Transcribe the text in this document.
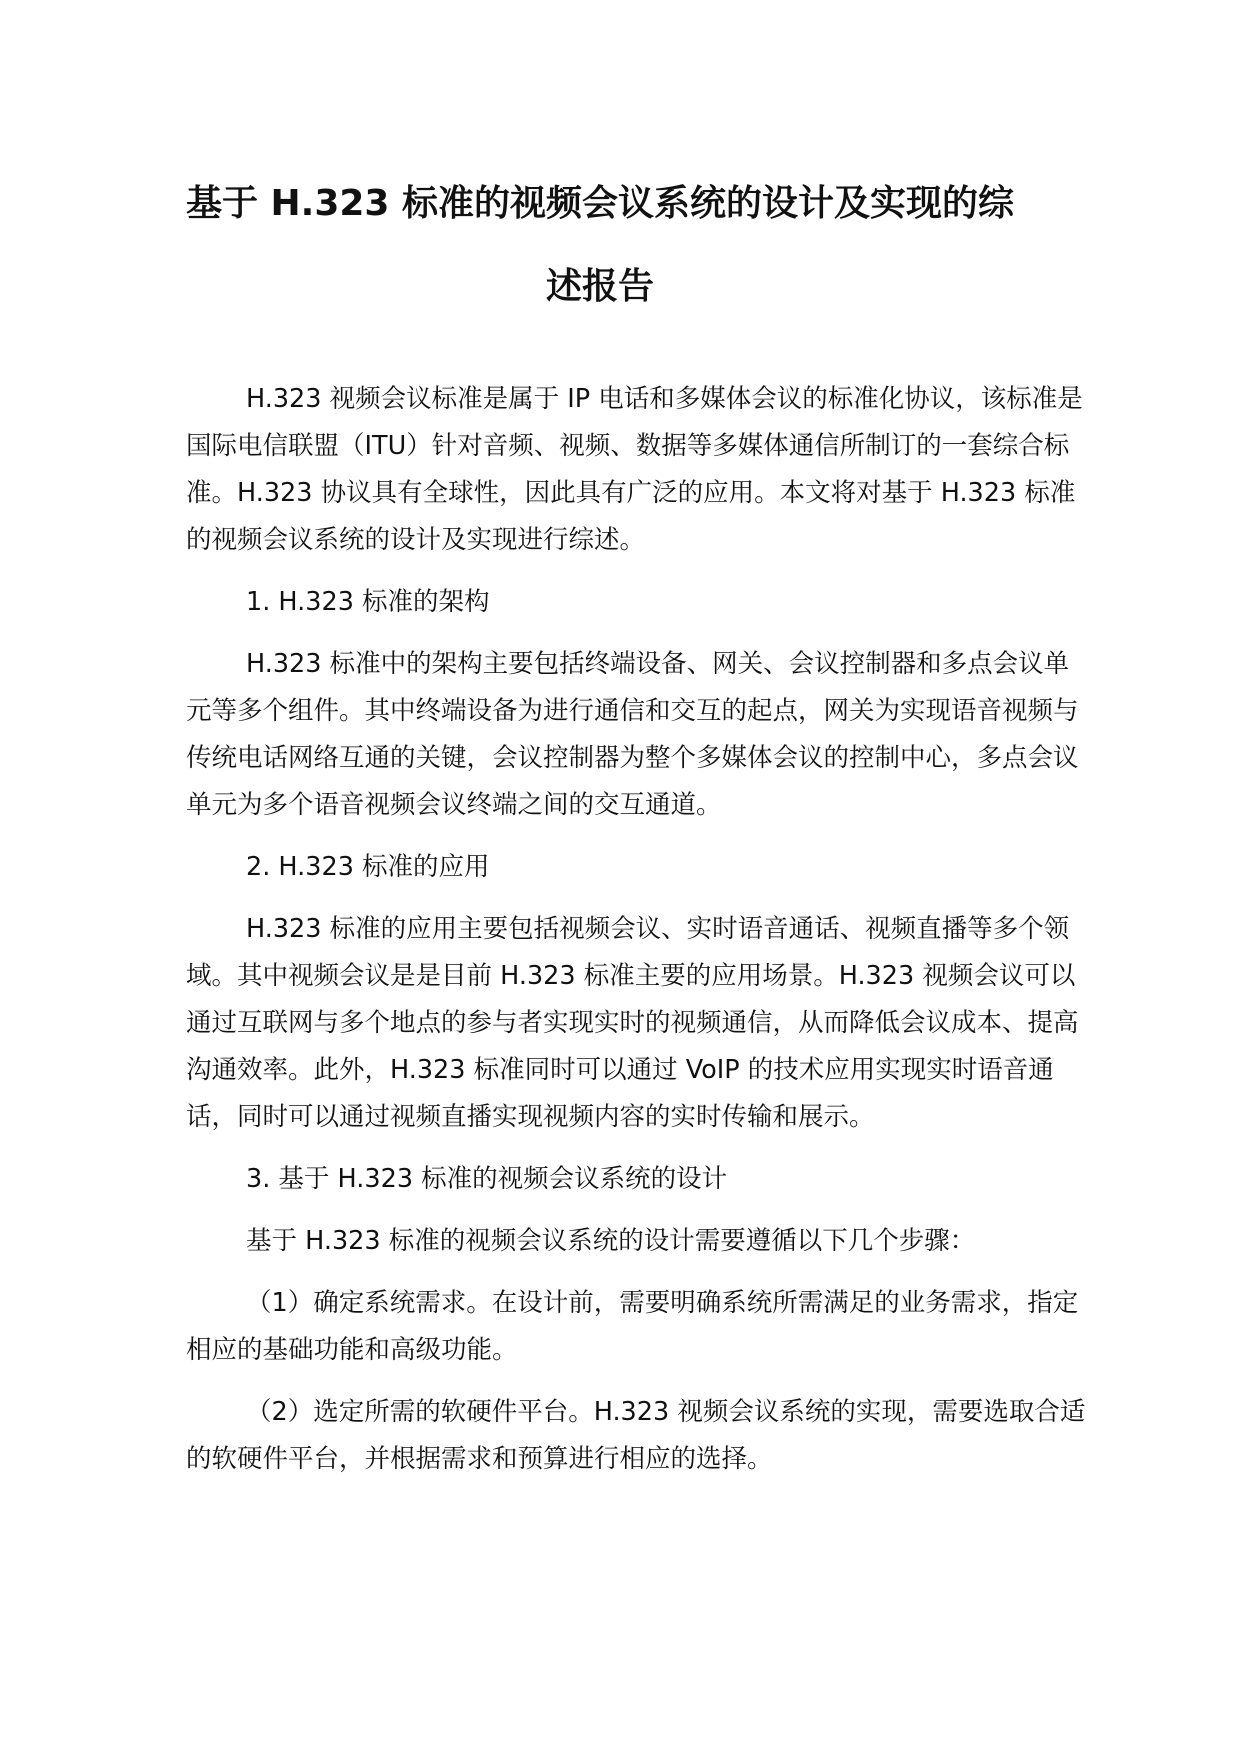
基于 H.323 标准的视频会议系统的设计及实现的综
述报告

H.323 视频会议标准是属于 IP 电话和多媒体会议的标准化协议，该标准是国际电信联盟（ITU）针对音频、视频、数据等多媒体通信所制订的一套综合标准。H.323 协议具有全球性，因此具有广泛的应用。本文将对基于 H.323 标准的视频会议系统的设计及实现进行综述。

1. H.323 标准的架构

H.323 标准中的架构主要包括终端设备、网关、会议控制器和多点会议单元等多个组件。其中终端设备为进行通信和交互的起点，网关为实现语音视频与传统电话网络互通的关键，会议控制器为整个多媒体会议的控制中心，多点会议单元为多个语音视频会议终端之间的交互通道。

2. H.323 标准的应用

H.323 标准的应用主要包括视频会议、实时语音通话、视频直播等多个领域。其中视频会议是是目前 H.323 标准主要的应用场景。H.323 视频会议可以通过互联网与多个地点的参与者实现实时的视频通信，从而降低会议成本、提高沟通效率。此外，H.323 标准同时可以通过 VoIP 的技术应用实现实时语音通话，同时可以通过视频直播实现视频内容的实时传输和展示。

3. 基于 H.323 标准的视频会议系统的设计

基于 H.323 标准的视频会议系统的设计需要遵循以下几个步骤：

（1）确定系统需求。在设计前，需要明确系统所需满足的业务需求，指定相应的基础功能和高级功能。

（2）选定所需的软硬件平台。H.323 视频会议系统的实现，需要选取合适的软硬件平台，并根据需求和预算进行相应的选择。
